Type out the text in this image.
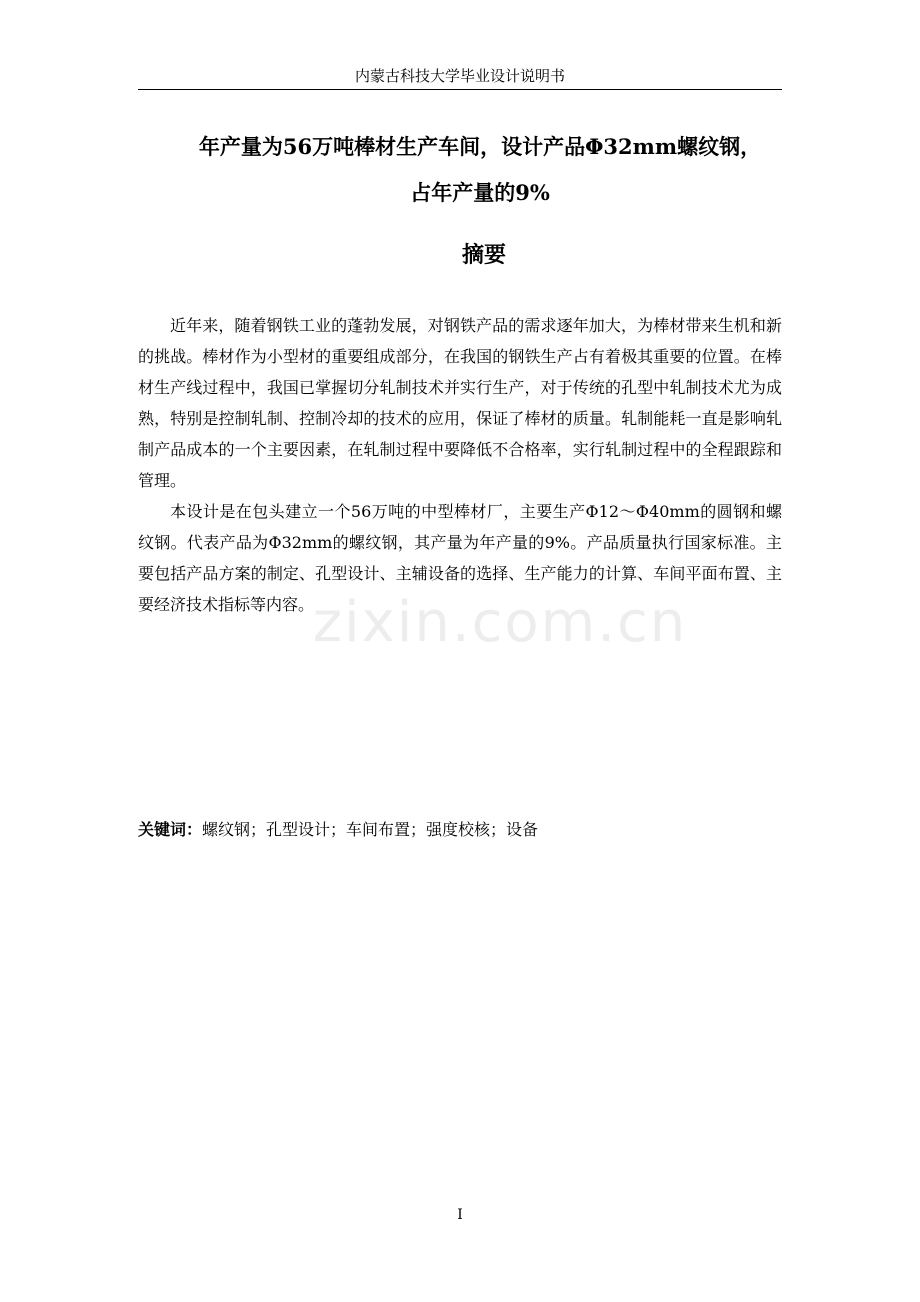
内蒙古科技大学毕业设计说明书
年产量为56万吨棒材生产车间，设计产品Φ32mm螺纹钢，
占年产量的9%
摘要

近年来，随着钢铁工业的蓬勃发展，对钢铁产品的需求逐年加大，为棒材带来生机和新的挑战。棒材作为小型材的重要组成部分，在我国的钢铁生产占有着极其重要的位置。在棒材生产线过程中，我国已掌握切分轧制技术并实行生产，对于传统的孔型中轧制技术尤为成熟，特别是控制轧制、控制冷却的技术的应用，保证了棒材的质量。轧制能耗一直是影响轧制产品成本的一个主要因素，在轧制过程中要降低不合格率，实行轧制过程中的全程跟踪和管理。

本设计是在包头建立一个56万吨的中型棒材厂，主要生产Φ12～Φ40mm的圆钢和螺纹钢。代表产品为Φ32mm的螺纹钢，其产量为年产量的9%。产品质量执行国家标准。主要包括产品方案的制定、孔型设计、主辅设备的选择、生产能力的计算、车间平面布置、主要经济技术指标等内容。

zixin.com.cn
关键词：螺纹钢；孔型设计；车间布置；强度校核；设备
I
